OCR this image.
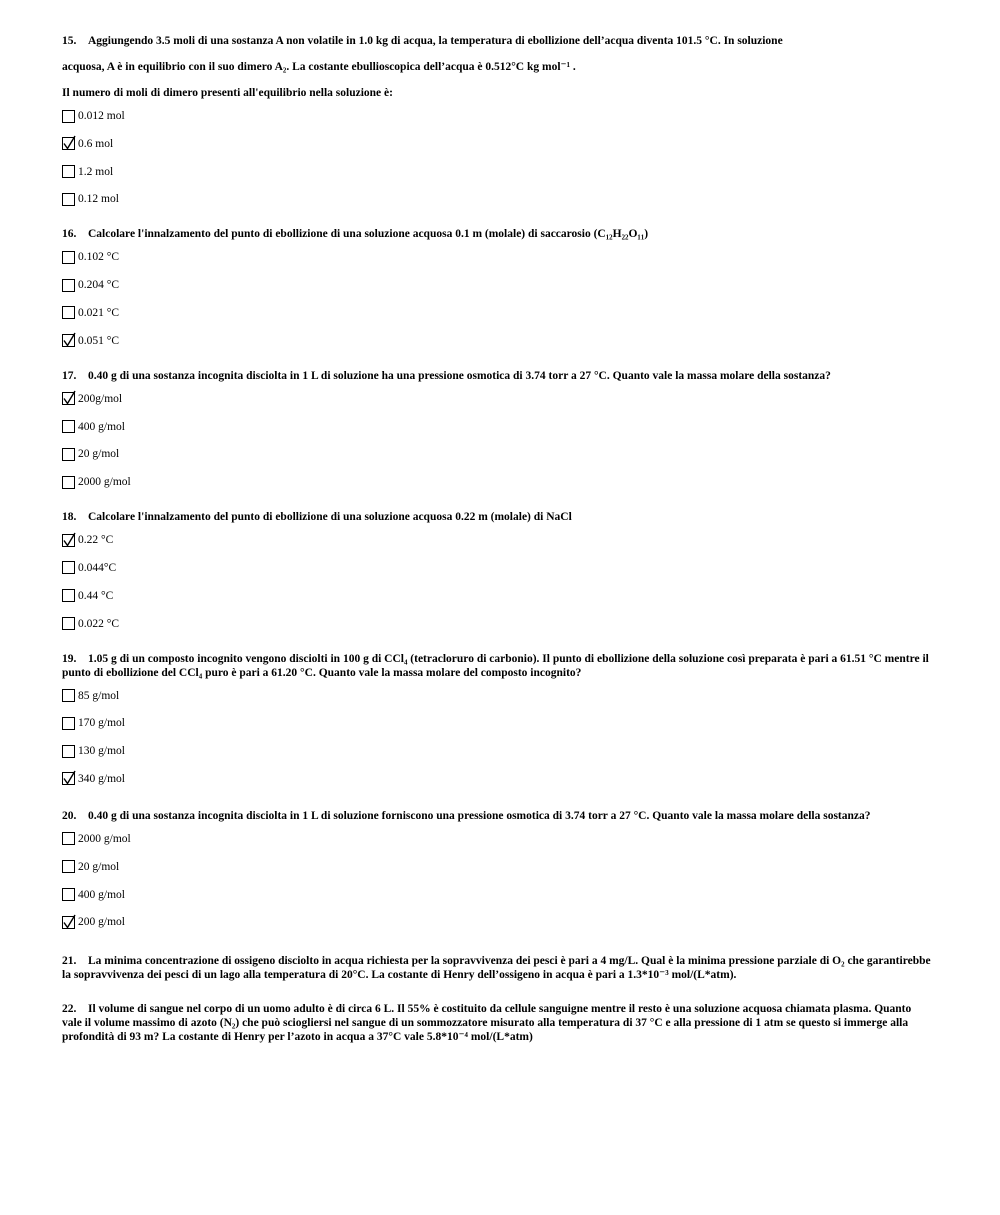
15. Aggiungendo 3.5 moli di una sostanza A non volatile in 1.0 kg di acqua, la temperatura di ebollizione dell’acqua diventa 101.5 °C. In soluzione

acquosa, A è in equilibrio con il suo dimero A₂. La costante ebullioscopica dell’acqua è 0.512°C kg mol⁻¹ .

Il numero di moli di dimero presenti all'equilibrio nella soluzione è:

0.012 mol
0.6 mol
1.2 mol
0.12 mol

16. Calcolare l'innalzamento del punto di ebollizione di una soluzione acquosa 0.1 m (molale) di saccarosio (C₁₂H₂₂O₁₁)

0.102 °C
0.204 °C
0.021 °C
0.051 °C

17. 0.40 g di una sostanza incognita disciolta in 1 L di soluzione ha una pressione osmotica di 3.74 torr a 27 °C. Quanto vale la massa molare della sostanza?

200g/mol
400 g/mol
20 g/mol
2000 g/mol

18. Calcolare l'innalzamento del punto di ebollizione di una soluzione acquosa 0.22 m (molale) di NaCl

0.22 °C
0.044°C
0.44 °C
0.022 °C

19. 1.05 g di un composto incognito vengono disciolti in 100 g di CCl₄ (tetracloruro di carbonio). Il punto di ebollizione della soluzione così preparata è pari a 61.51 °C mentre il punto di ebollizione del CCl₄ puro è pari a 61.20 °C. Quanto vale la massa molare del composto incognito?

85 g/mol
170 g/mol
130 g/mol
340 g/mol

20. 0.40 g di una sostanza incognita disciolta in 1 L di soluzione forniscono una pressione osmotica di 3.74 torr a 27 °C. Quanto vale la massa molare della sostanza?

2000 g/mol
20 g/mol
400 g/mol
200 g/mol

21. La minima concentrazione di ossigeno disciolto in acqua richiesta per la sopravvivenza dei pesci è pari a 4 mg/L. Qual è la minima pressione parziale di O₂ che garantirebbe la sopravvivenza dei pesci di un lago alla temperatura di 20°C. La costante di Henry dell’ossigeno in acqua è pari a 1.3*10⁻³ mol/(L*atm).

22. Il volume di sangue nel corpo di un uomo adulto è di circa 6 L. Il 55% è costituito da cellule sanguigne mentre il resto è una soluzione acquosa chiamata plasma. Quanto vale il volume massimo di azoto (N₂) che può sciogliersi nel sangue di un sommozzatore misurato alla temperatura di 37 °C e alla pressione di 1 atm se questo si immerge alla profondità di 93 m? La costante di Henry per l’azoto in acqua a 37°C vale 5.8*10⁻⁴ mol/(L*atm)
